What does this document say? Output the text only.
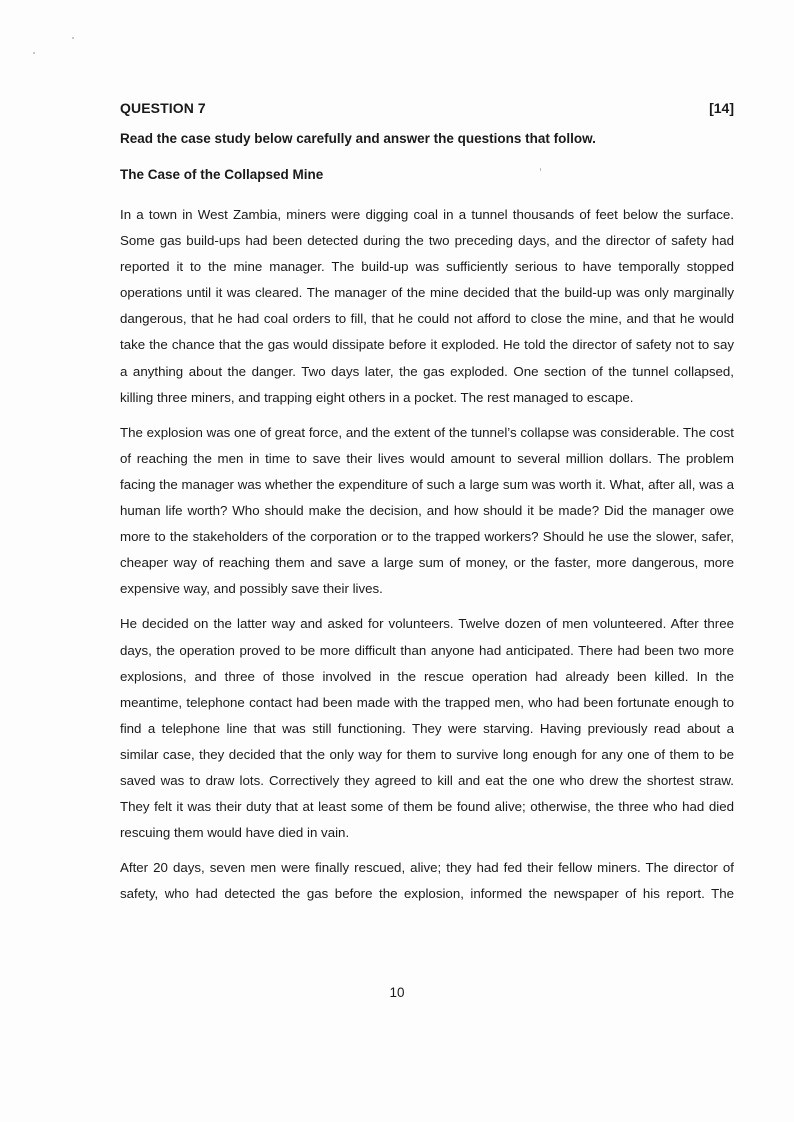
QUESTION 7	[14]
Read the case study below carefully and answer the questions that follow.
The Case of the Collapsed Mine

In a town in West Zambia, miners were digging coal in a tunnel thousands of feet below the surface. Some gas build-ups had been detected during the two preceding days, and the director of safety had reported it to the mine manager. The build-up was sufficiently serious to have temporally stopped operations until it was cleared. The manager of the mine decided that the build-up was only marginally dangerous, that he had coal orders to fill, that he could not afford to close the mine, and that he would take the chance that the gas would dissipate before it exploded. He told the director of safety not to say a anything about the danger. Two days later, the gas exploded. One section of the tunnel collapsed, killing three miners, and trapping eight others in a pocket. The rest managed to escape.

The explosion was one of great force, and the extent of the tunnel’s collapse was considerable. The cost of reaching the men in time to save their lives would amount to several million dollars. The problem facing the manager was whether the expenditure of such a large sum was worth it. What, after all, was a human life worth? Who should make the decision, and how should it be made? Did the manager owe more to the stakeholders of the corporation or to the trapped workers? Should he use the slower, safer, cheaper way of reaching them and save a large sum of money, or the faster, more dangerous, more expensive way, and possibly save their lives.

He decided on the latter way and asked for volunteers. Twelve dozen of men volunteered. After three days, the operation proved to be more difficult than anyone had anticipated. There had been two more explosions, and three of those involved in the rescue operation had already been killed. In the meantime, telephone contact had been made with the trapped men, who had been fortunate enough to find a telephone line that was still functioning. They were starving. Having previously read about a similar case, they decided that the only way for them to survive long enough for any one of them to be saved was to draw lots. Correctively they agreed to kill and eat the one who drew the shortest straw. They felt it was their duty that at least some of them be found alive; otherwise, the three who had died rescuing them would have died in vain.

After 20 days, seven men were finally rescued, alive; they had fed their fellow miners. The director of safety, who had detected the gas before the explosion, informed the newspaper of his report. The

10
